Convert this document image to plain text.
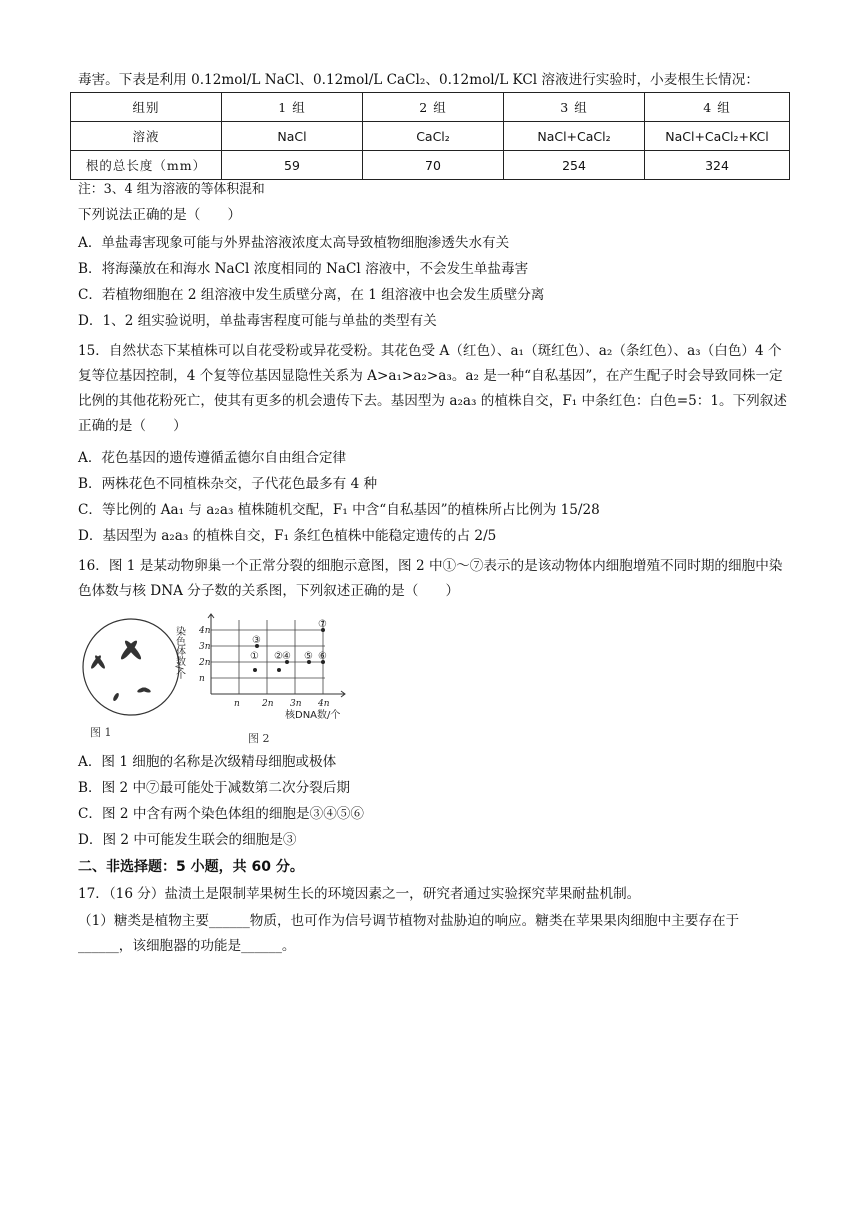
毒害。下表是利用 0.12mol/L NaCl、0.12mol/L CaCl₂、0.12mol/L KCl 溶液进行实验时，小麦根生长情况：
组别	1 组	2 组	3 组	4 组
溶液	NaCl	CaCl₂	NaCl+CaCl₂	NaCl+CaCl₂+KCl
根的总长度（mm）	59	70	254	324
注：3、4 组为溶液的等体积混和
下列说法正确的是（　　）
A．单盐毒害现象可能与外界盐溶液浓度太高导致植物细胞渗透失水有关
B．将海藻放在和海水 NaCl 浓度相同的 NaCl 溶液中，不会发生单盐毒害
C．若植物细胞在 2 组溶液中发生质壁分离，在 1 组溶液中也会发生质壁分离
D．1、2 组实验说明，单盐毒害程度可能与单盐的类型有关
15．自然状态下某植株可以自花受粉或异花受粉。其花色受 A（红色）、a₁（斑红色）、a₂（条红色）、a₃（白色）4 个复等位基因控制，4 个复等位基因显隐性关系为 A>a₁>a₂>a₃。a₂ 是一种“自私基因”，在产生配子时会导致同株一定比例的其他花粉死亡，使其有更多的机会遗传下去。基因型为 a₂a₃ 的植株自交，F₁ 中条红色：白色=5：1。下列叙述正确的是（　　）
A．花色基因的遗传遵循孟德尔自由组合定律
B．两株花色不同植株杂交，子代花色最多有 4 种
C．等比例的 Aa₁ 与 a₂a₃ 植株随机交配，F₁ 中含“自私基因”的植株所占比例为 15/28
D．基因型为 a₂a₃ 的植株自交，F₁ 条红色植株中能稳定遗传的占 2/5
16．图 1 是某动物卵巢一个正常分裂的细胞示意图，图 2 中①～⑦表示的是该动物体内细胞增殖不同时期的细胞中染色体数与核 DNA 分子数的关系图，下列叙述正确的是（　　）
图 1
n
2n
3n
4n
n 2n 3n 4n
① ②
③
④ ⑤ ⑥
⑦
染色体数/个
核DNA数/个
图 2
A．图 1 细胞的名称是次级精母细胞或极体
B．图 2 中⑦最可能处于减数第二次分裂后期
C．图 2 中含有两个染色体组的细胞是③④⑤⑥
D．图 2 中可能发生联会的细胞是③
二、非选择题：5 小题，共 60 分。
17．（16 分）盐渍土是限制苹果树生长的环境因素之一，研究者通过实验探究苹果耐盐机制。
（1）糖类是植物主要______物质，也可作为信号调节植物对盐胁迫的响应。糖类在苹果果肉细胞中主要存在于______，该细胞器的功能是______。
